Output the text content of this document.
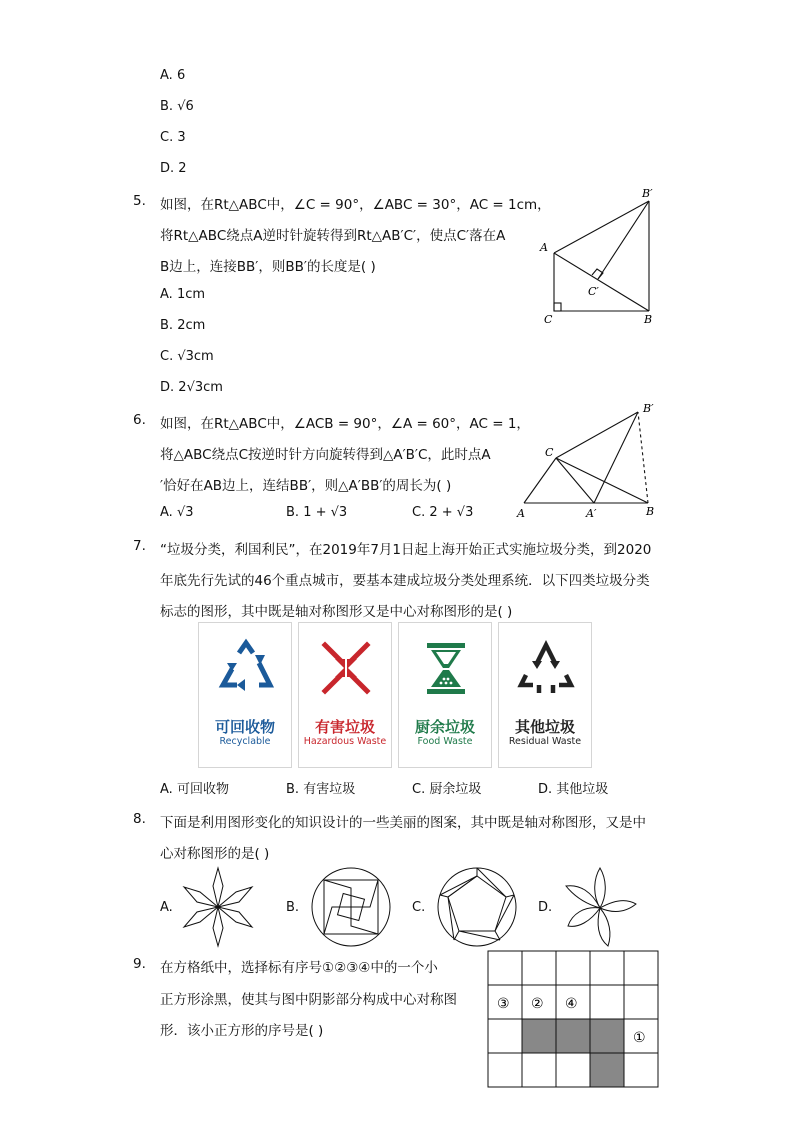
A. 6
B. √6
C. 3
D. 2
5. 如图，在Rt△ABC中，∠C = 90°，∠ABC = 30°，AC = 1cm，
将Rt△ABC绕点A逆时针旋转得到Rt△AB′C′，使点C′落在A
B边上，连接BB′，则BB′的长度是( )
A. 1cm
B. 2cm
C. √3cm
D. 2√3cm
B′
A
C′
C	B
6. 如图，在Rt△ABC中，∠ACB = 90°，∠A = 60°，AC = 1，
将△ABC绕点C按逆时针方向旋转得到△A′B′C，此时点A
′恰好在AB边上，连结BB′，则△A′BB′的周长为( )
A. √3	B. 1 + √3	C. 2 + √3
B′
C
A	A′	B
7. “垃圾分类，利国利民”，在2019年7月1日起上海开始正式实施垃圾分类，到2020
年底先行先试的46个重点城市，要基本建成垃圾分类处理系统．以下四类垃圾分类
标志的图形，其中既是轴对称图形又是中心对称图形的是( )
可回收物
Recyclable
有害垃圾
Hazardous Waste
厨余垃圾
Food Waste
其他垃圾
Residual Waste
A. 可回收物	B. 有害垃圾	C. 厨余垃圾	D. 其他垃圾
8. 下面是利用图形变化的知识设计的一些美丽的图案，其中既是轴对称图形，又是中
心对称图形的是( )
A.	B.	C.	D.
9. 在方格纸中，选择标有序号①②③④中的一个小
正方形涂黑，使其与图中阴影部分构成中心对称图
形．该小正方形的序号是( )
③ ② ④
①
